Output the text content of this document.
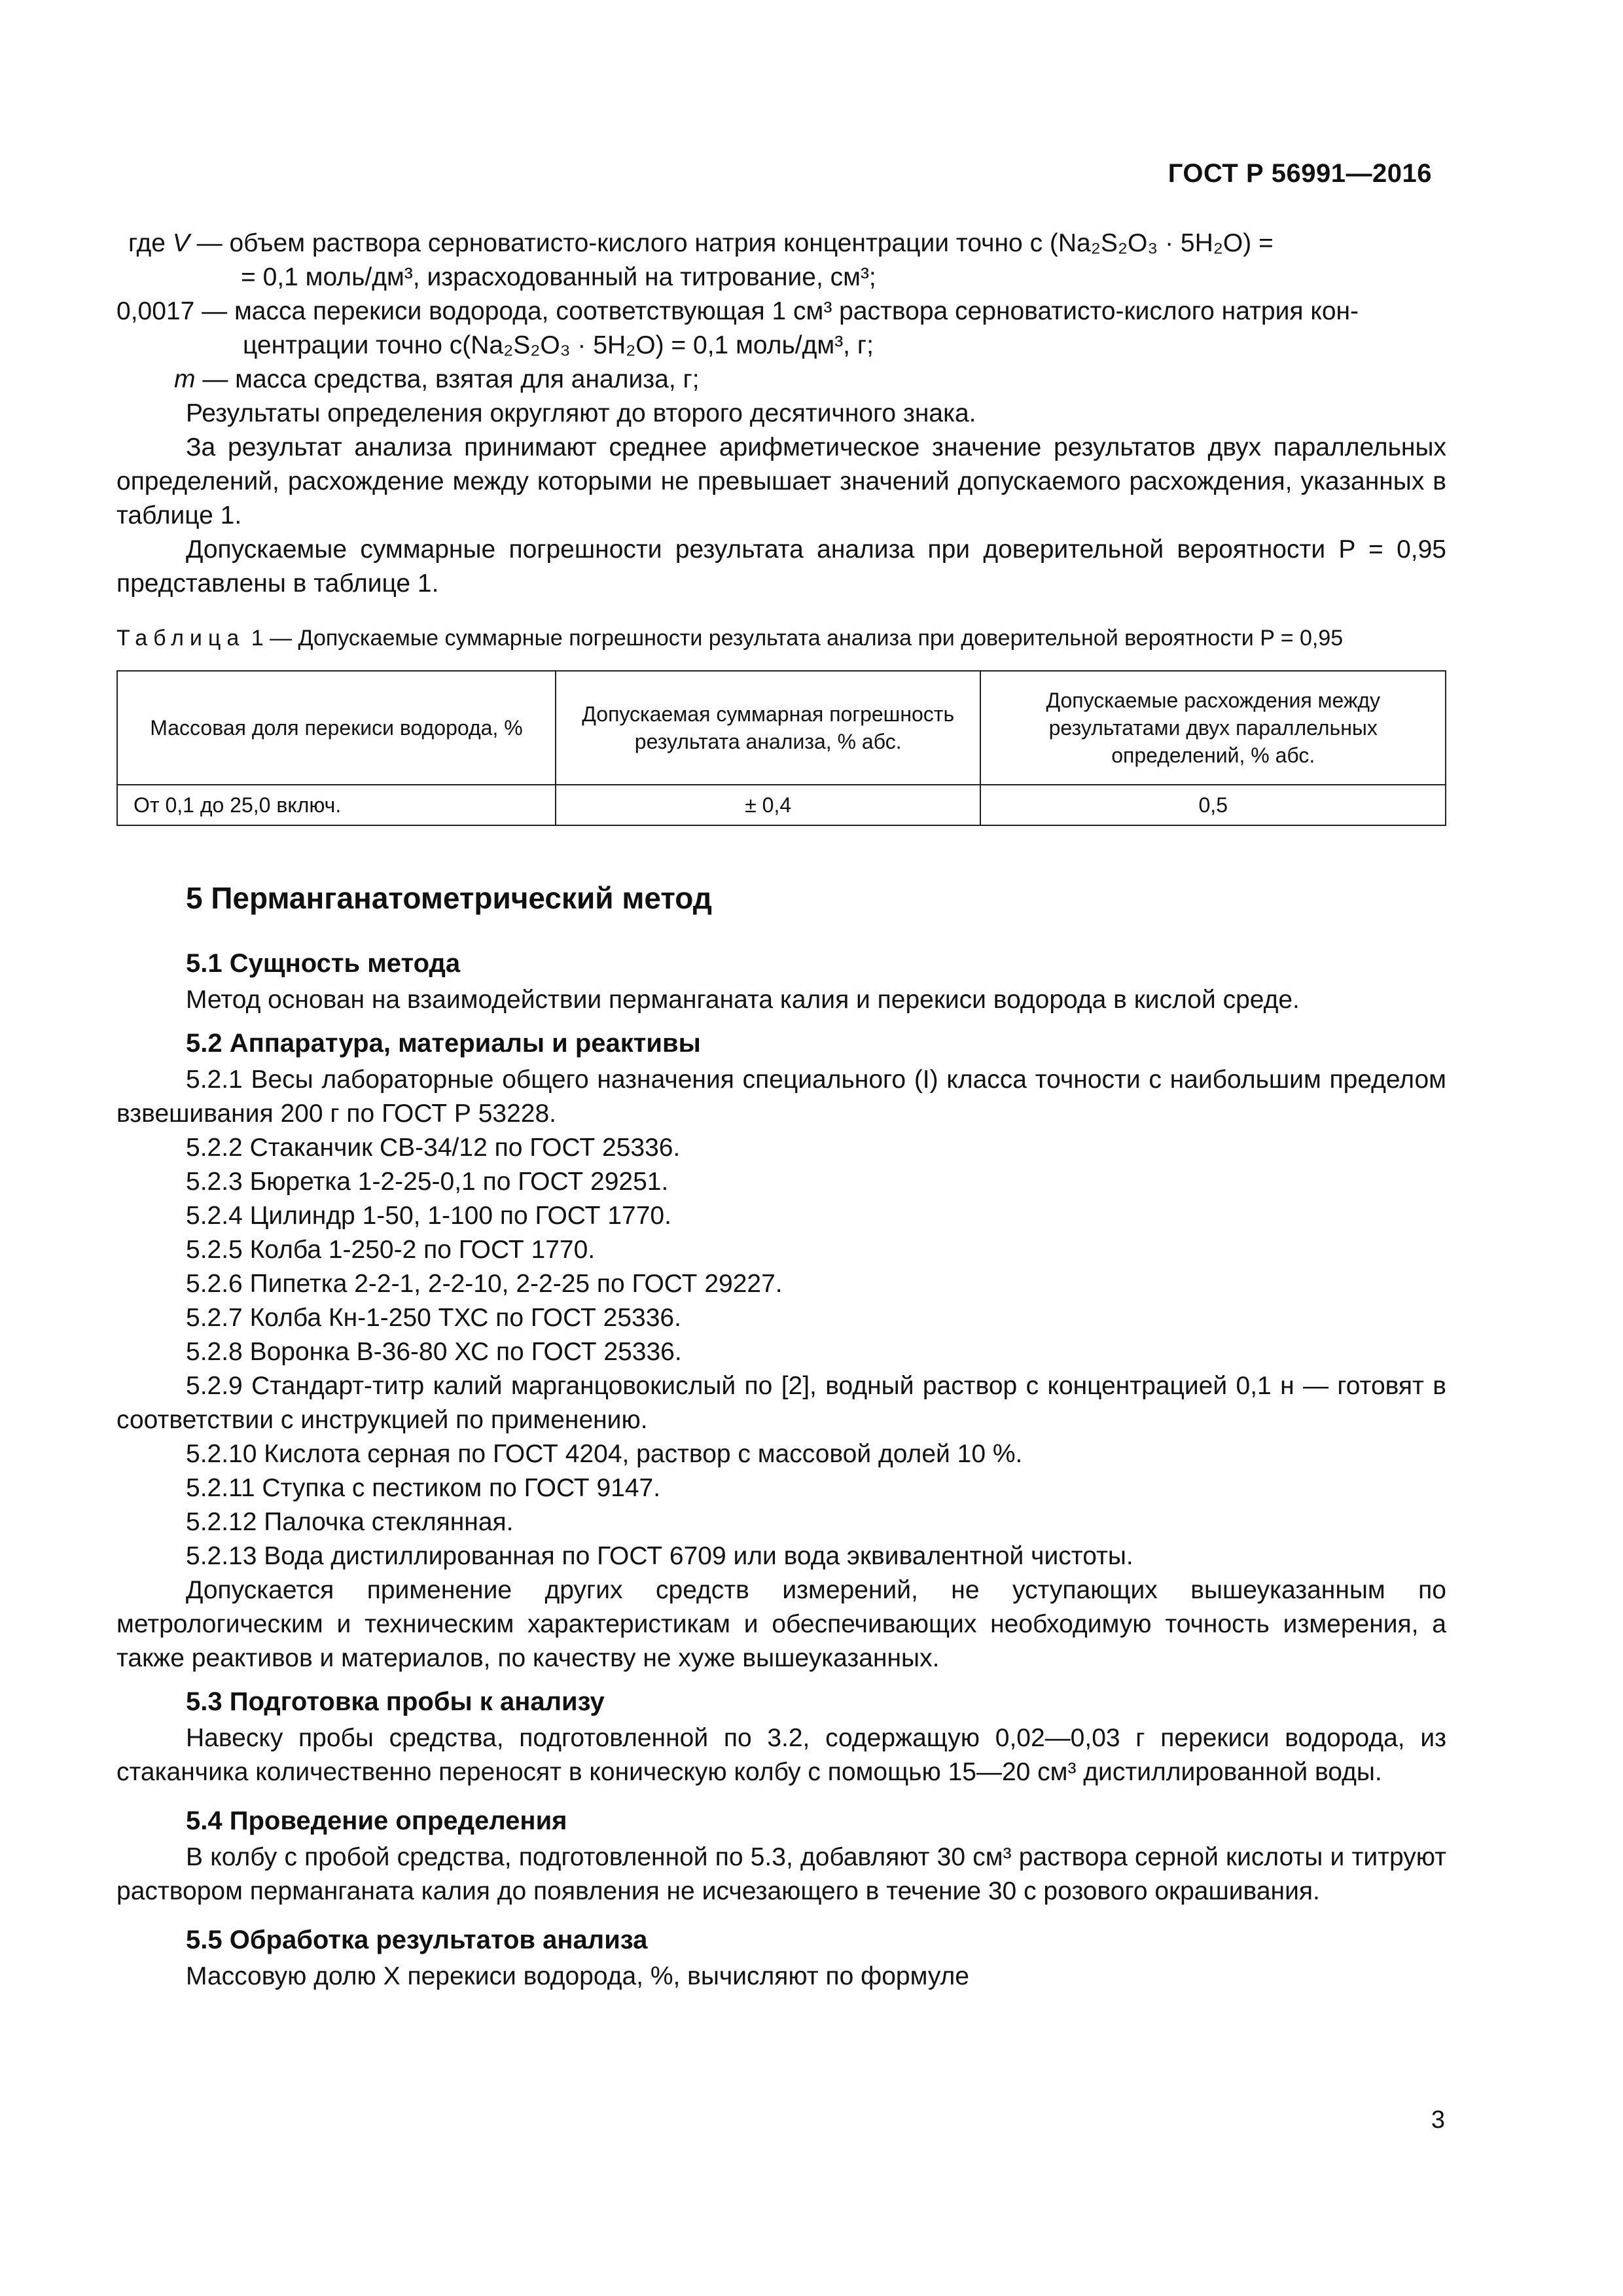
ГОСТ Р 56991—2016
где V — объем раствора серноватисто-кислого натрия концентрации точно c (Na₂S₂O₃ · 5H₂O) =
= 0,1 моль/дм³, израсходованный на титрование, см³;
0,0017 — масса перекиси водорода, соответствующая 1 см³ раствора серноватисто-кислого натрия кон-
центрации точно c(Na₂S₂O₃ · 5H₂O) = 0,1 моль/дм³, г;
m — масса средства, взятая для анализа, г;

Результаты определения округляют до второго десятичного знака.

За результат анализа принимают среднее арифметическое значение результатов двух параллельных определений, расхождение между которыми не превышает значений допускаемого расхождения, указанных в таблице 1.

Допускаемые суммарные погрешности результата анализа при доверительной вероятности P = 0,95 представлены в таблице 1.

Таблица 1 — Допускаемые суммарные погрешности результата анализа при доверительной вероятности P = 0,95
Массовая доля перекиси водорода, %	Допускаемая суммарная погрешность результата анализа, % абс.	Допускаемые расхождения между результатами двух параллельных определений, % абс.
От 0,1 до 25,0 включ.	± 0,4	0,5
5 Перманганатометрический метод
5.1 Сущность метода

Метод основан на взаимодействии перманганата калия и перекиси водорода в кислой среде.

5.2 Аппаратура, материалы и реактивы

5.2.1 Весы лабораторные общего назначения специального (I) класса точности с наибольшим пределом взвешивания 200 г по ГОСТ Р 53228.

5.2.2 Стаканчик СВ-34/12 по ГОСТ 25336.

5.2.3 Бюретка 1-2-25-0,1 по ГОСТ 29251.

5.2.4 Цилиндр 1-50, 1-100 по ГОСТ 1770.

5.2.5 Колба 1-250-2 по ГОСТ 1770.

5.2.6 Пипетка 2-2-1, 2-2-10, 2-2-25 по ГОСТ 29227.

5.2.7 Колба Кн-1-250 ТХС по ГОСТ 25336.

5.2.8 Воронка В-36-80 ХС по ГОСТ 25336.

5.2.9 Стандарт-титр калий марганцовокислый по [2], водный раствор с концентрацией 0,1 н — готовят в соответствии с инструкцией по применению.

5.2.10 Кислота серная по ГОСТ 4204, раствор с массовой долей 10 %.

5.2.11 Ступка с пестиком по ГОСТ 9147.

5.2.12 Палочка стеклянная.

5.2.13 Вода дистиллированная по ГОСТ 6709 или вода эквивалентной чистоты.

Допускается применение других средств измерений, не уступающих вышеуказанным по метрологическим и техническим характеристикам и обеспечивающих необходимую точность измерения, а также реактивов и материалов, по качеству не хуже вышеуказанных.

5.3 Подготовка пробы к анализу

Навеску пробы средства, подготовленной по 3.2, содержащую 0,02—0,03 г перекиси водорода, из стаканчика количественно переносят в коническую колбу с помощью 15—20 см³ дистиллированной воды.

5.4 Проведение определения

В колбу с пробой средства, подготовленной по 5.3, добавляют 30 см³ раствора серной кислоты и титруют раствором перманганата калия до появления не исчезающего в течение 30 с розового окрашивания.

5.5 Обработка результатов анализа

Массовую долю X перекиси водорода, %, вычисляют по формуле

3
